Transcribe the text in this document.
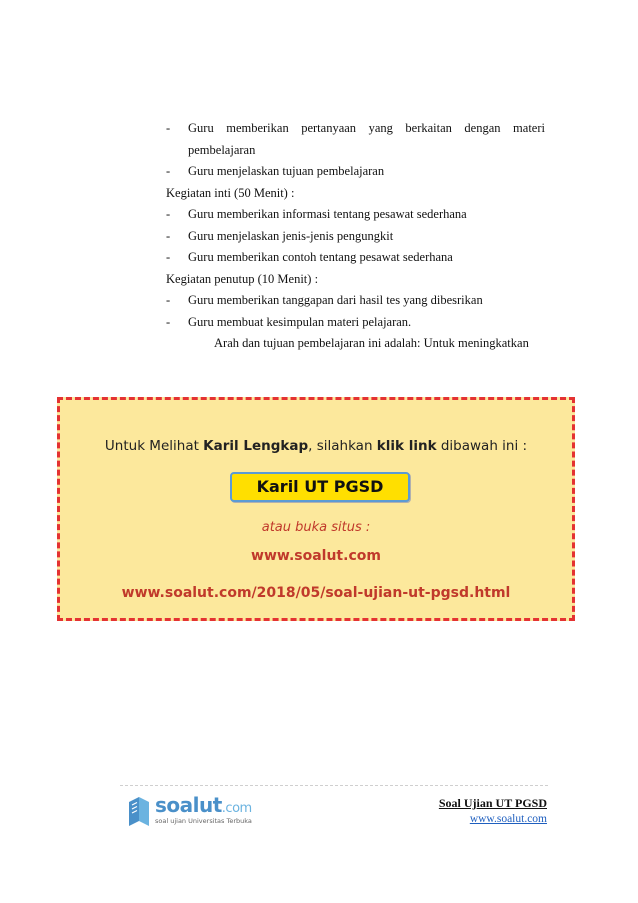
- Guru memberikan pertanyaan yang berkaitan dengan materi pembelajaran
- Guru menjelaskan tujuan pembelajaran
Kegiatan inti (50 Menit) :
- Guru memberikan informasi tentang pesawat sederhana
- Guru menjelaskan jenis-jenis pengungkit
- Guru memberikan contoh tentang pesawat sederhana
Kegiatan penutup (10 Menit) :
- Guru memberikan tanggapan dari hasil tes yang dibesrikan
- Guru membuat kesimpulan materi pelajaran.
Arah dan tujuan pembelajaran ini adalah: Untuk meningkatkan
Untuk Melihat Karil Lengkap, silahkan klik link dibawah ini :
Karil UT PGSD
atau buka situs :
www.soalut.com
www.soalut.com/2018/05/soal-ujian-ut-pgsd.html
soalut.com
soal ujian Universitas Terbuka
Soal Ujian UT PGSD
www.soalut.com
